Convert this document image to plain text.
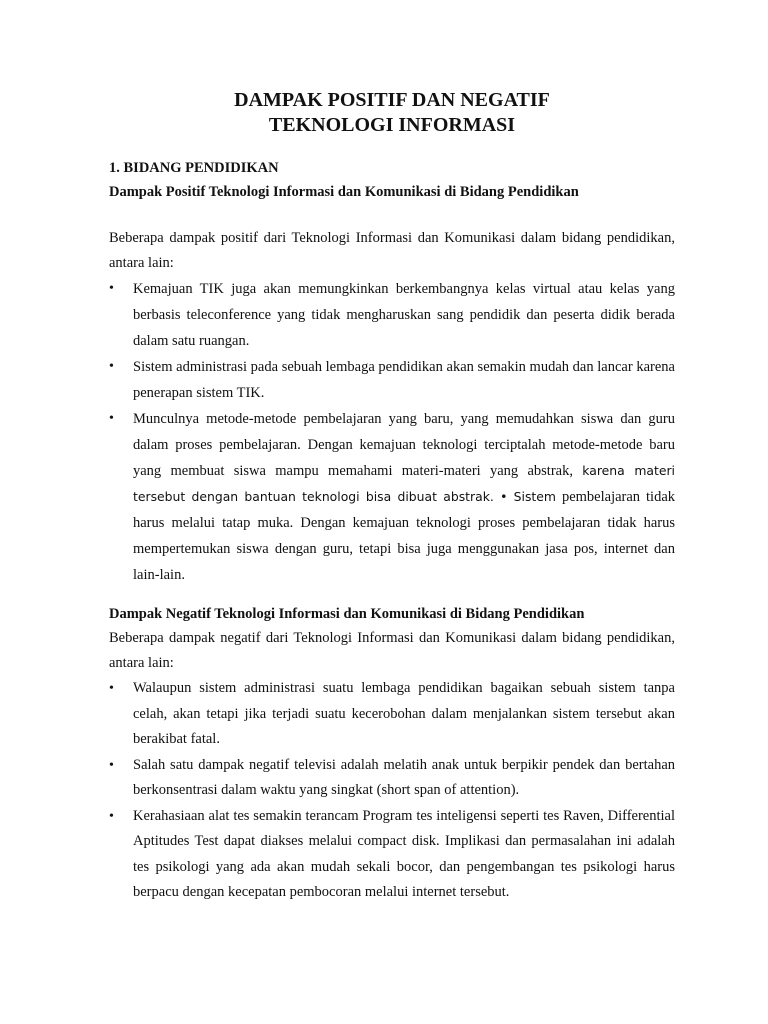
DAMPAK POSITIF DAN NEGATIF
TEKNOLOGI INFORMASI
1. BIDANG PENDIDIKAN
Dampak Positif Teknologi Informasi dan Komunikasi di Bidang Pendidikan

Beberapa dampak positif dari Teknologi Informasi dan Komunikasi dalam bidang pendidikan, antara lain:

•	Kemajuan TIK juga akan memungkinkan berkembangnya kelas virtual atau kelas yang berbasis teleconference yang tidak mengharuskan sang pendidik dan peserta didik berada dalam satu ruangan.
•	Sistem administrasi pada sebuah lembaga pendidikan akan semakin mudah dan lancar karena penerapan sistem TIK.
•	Munculnya metode-metode pembelajaran yang baru, yang memudahkan siswa dan guru dalam proses pembelajaran. Dengan kemajuan teknologi terciptalah metode-metode baru yang membuat siswa mampu memahami materi-materi yang abstrak, karena materi tersebut dengan bantuan teknologi bisa dibuat abstrak. • Sistem pembelajaran tidak harus melalui tatap muka. Dengan kemajuan teknologi proses pembelajaran tidak harus mempertemukan siswa dengan guru, tetapi bisa juga menggunakan jasa pos, internet dan lain-lain.
Dampak Negatif Teknologi Informasi dan Komunikasi di Bidang Pendidikan

Beberapa dampak negatif dari Teknologi Informasi dan Komunikasi dalam bidang pendidikan, antara lain:

•	Walaupun sistem administrasi suatu lembaga pendidikan bagaikan sebuah sistem tanpa celah, akan tetapi jika terjadi suatu kecerobohan dalam menjalankan sistem tersebut akan berakibat fatal.
•	Salah satu dampak negatif televisi adalah melatih anak untuk berpikir pendek dan bertahan berkonsentrasi dalam waktu yang singkat (short span of attention).
•	Kerahasiaan alat tes semakin terancam Program tes inteligensi seperti tes Raven, Differential Aptitudes Test dapat diakses melalui compact disk. Implikasi dan permasalahan ini adalah tes psikologi yang ada akan mudah sekali bocor, dan pengembangan tes psikologi harus berpacu dengan kecepatan pembocoran melalui internet tersebut.
